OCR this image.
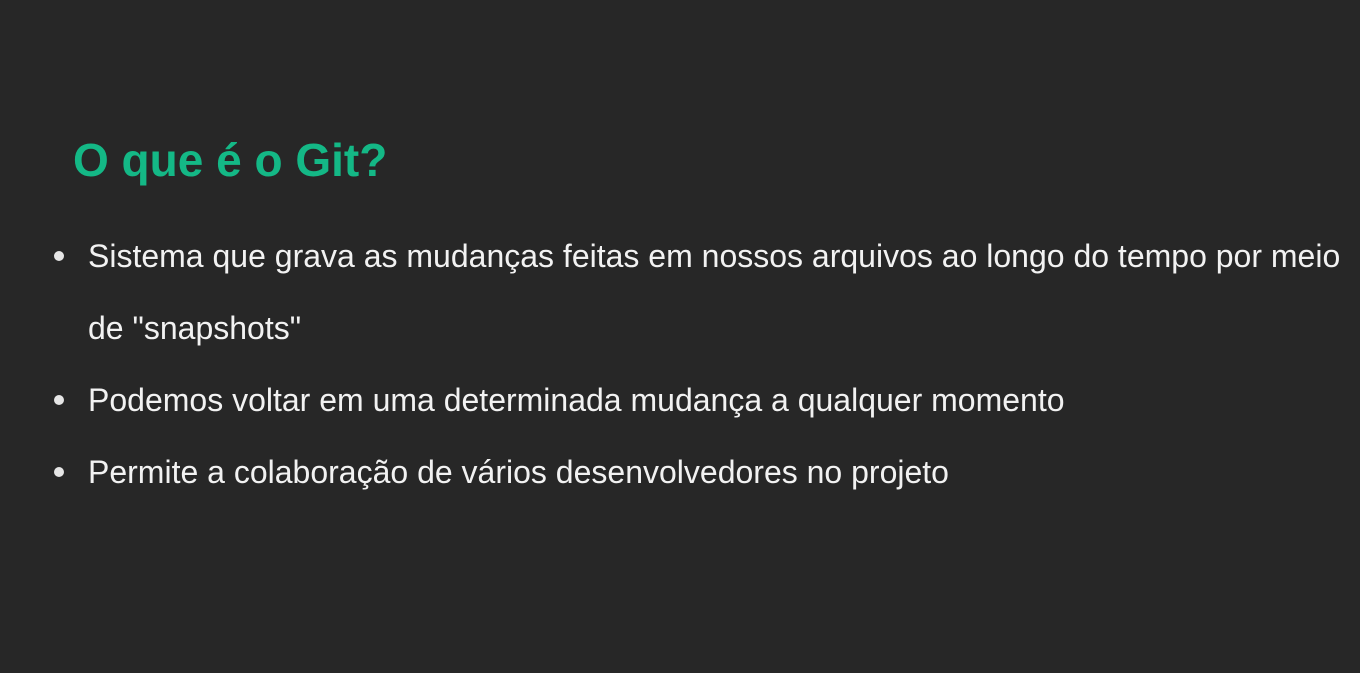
O que é o Git?
Sistema que grava as mudanças feitas em nossos arquivos ao longo do tempo por meio de "snapshots"
Podemos voltar em uma determinada mudança a qualquer momento
Permite a colaboração de vários desenvolvedores no projeto
